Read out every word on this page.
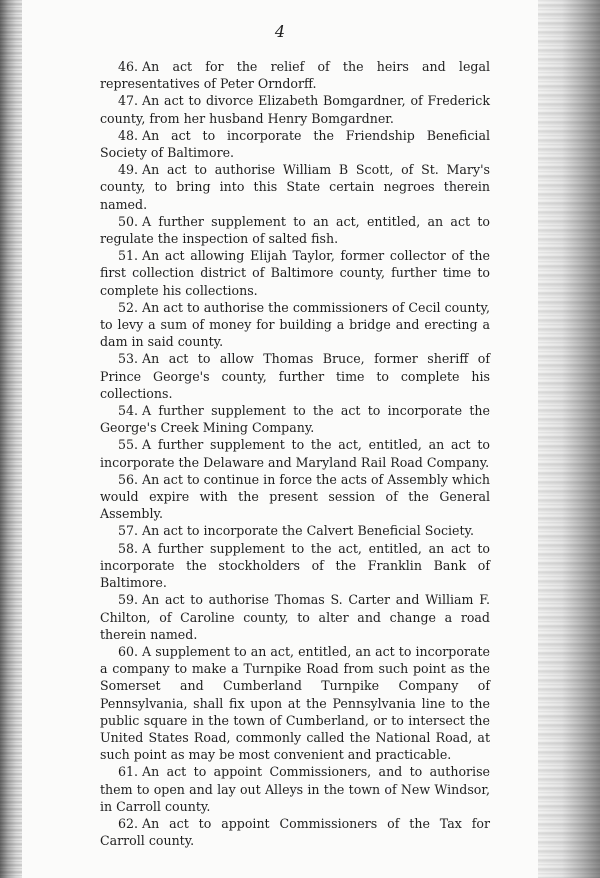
4

46. An act for the relief of the heirs and legal representatives of Peter Orndorff.
47. An act to divorce Elizabeth Bomgardner, of Frederick county, from her husband Henry Bomgardner.
48. An act to incorporate the Friendship Beneficial Society of Baltimore.
49. An act to authorise William B Scott, of St. Mary's county, to bring into this State certain negroes therein named.
50. A further supplement to an act, entitled, an act to regulate the inspection of salted fish.
51. An act allowing Elijah Taylor, former collector of the first collection district of Baltimore county, further time to complete his collections.
52. An act to authorise the commissioners of Cecil county, to levy a sum of money for building a bridge and erecting a dam in said county.
53. An act to allow Thomas Bruce, former sheriff of Prince George's county, further time to complete his collections.
54. A further supplement to the act to incorporate the George's Creek Mining Company.
55. A further supplement to the act, entitled, an act to incorporate the Delaware and Maryland Rail Road Company.
56. An act to continue in force the acts of Assembly which would expire with the present session of the General Assembly.
57. An act to incorporate the Calvert Beneficial Society.
58. A further supplement to the act, entitled, an act to incorporate the stockholders of the Franklin Bank of Baltimore.
59. An act to authorise Thomas S. Carter and William F. Chilton, of Caroline county, to alter and change a road therein named.
60. A supplement to an act, entitled, an act to incorporate a company to make a Turnpike Road from such point as the Somerset and Cumberland Turnpike Company of Pennsylvania, shall fix upon at the Pennsylvania line to the public square in the town of Cumberland, or to intersect the United States Road, commonly called the National Road, at such point as may be most convenient and practicable.
61. An act to appoint Commissioners, and to authorise them to open and lay out Alleys in the town of New Windsor, in Carroll county.
62. An act to appoint Commissioners of the Tax for Carroll county.
